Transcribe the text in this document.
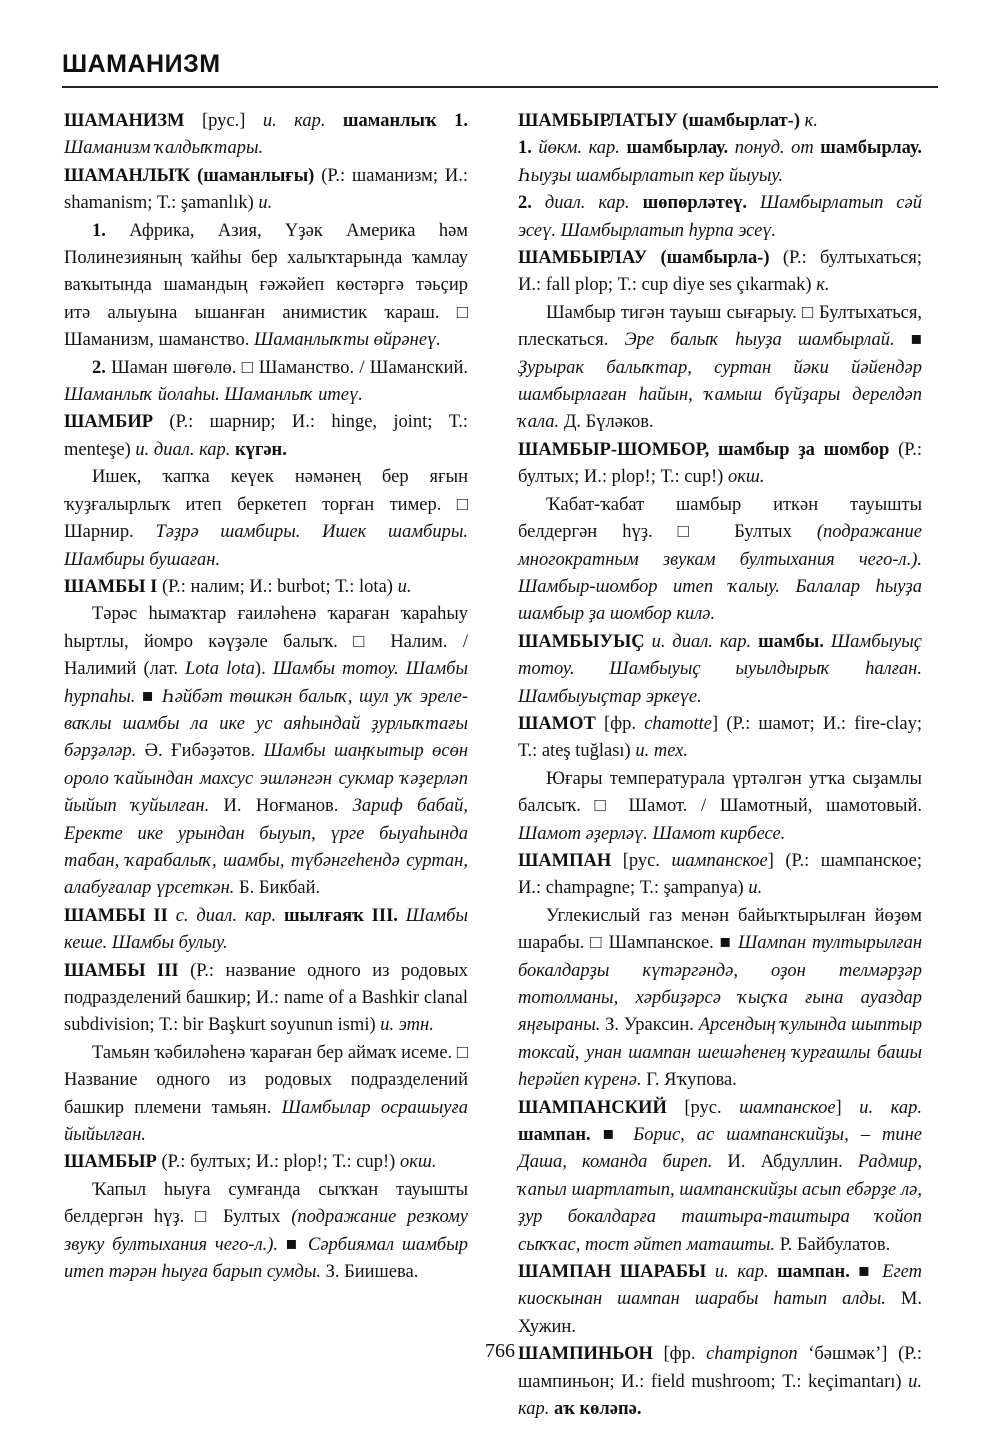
ШАМАНИЗМ

ШАМАНИЗМ [рус.] и. кар. шаманлыҡ 1. Шаманизм ҡалдыҡтары.

ШАМАНЛЫҠ (шаманлығы) (Р.: шаманизм; И.: shamanism; Т.: şamanlık) и.

1. Африка, Азия, Үҙәк Америка һәм Полинезияның ҡайһы бер халыҡтарында ҡамлау ваҡытында шамандың ғәжәйеп көстәргә тәьҫир итә алыуына ышанған анимистик ҡараш. □ Шаманизм, шаманство. Шаманлыҡты өйрәнеү.

2. Шаман шөғөлө. □ Шаманство. / Шаманский. Шаманлыҡ йолаһы. Шаманлыҡ итеү.

ШАМБИР (Р.: шарнир; И.: hinge, joint; Т.: menteşe) и. диал. кар. күгән.

Ишек, ҡапҡа кеүек нәмәнең бер яғын ҡуҙғалырлыҡ итеп беркетеп торған тимер. □ Шарнир. Тәҙрә шамбиры. Ишек шамбиры. Шамбиры бушаған.

ШАМБЫ I (Р.: налим; И.: burbot; Т.: lota) и.

Тәрәс һымаҡтар ғаиләһенә ҡараған ҡараһыу һыртлы, йомро кәүҙәле балыҡ. □ Налим. / Налимий (лат. Lota lota). Шамбы тотоу. Шамбы һурпаһы. ■ Һәйбәт төшкән балыҡ, шул уҡ эреле-ваҡлы шамбы ла ике ус аяһындай ҙурлыҡтағы бәрҙәләр. Ә. Ғибәҙәтов. Шамбы шаңҡытыр өсөн ороло ҡайындан махсус эшләнгән сукмар ҡәҙерләп йыйып ҡуйылған. И. Ноғманов. Зариф бабай, Еректе ике урындан быуып, үрге быуаһында табан, ҡарабалыҡ, шамбы, түбәнгеһендә суртан, алабуғалар үрсеткән. Б. Бикбай.

ШАМБЫ II с. диал. кар. шылғаяҡ III. Шамбы кеше. Шамбы булыу.

ШАМБЫ III (Р.: название одного из родовых подразделений башкир; И.: name of a Bashkir clanal subdivision; Т.: bir Başkurt soyunun ismi) и. этн.

Тамьян ҡәбиләһенә ҡараған бер аймаҡ исеме. □ Название одного из родовых подразделений башкир племени тамьян. Шамбылар осрашыуға йыйылған.

ШАМБЫР (Р.: бултых; И.: plop!; Т.: cup!) окш.

Ҡапыл һыуға сумғанда сыҡҡан тауышты белдергән һүҙ. □ Бултых (подражание резкому звуку бултыхания чего-л.). ■ Сәрбиямал шамбыр итеп тәрән һыуға барып сумды. З. Биишева.

ШАМБЫРЛАТЫУ (шамбырлат-) к.

1. йөкм. кар. шамбырлау. понуд. от шамбырлау. Һыуҙы шамбырлатып кер йыуыу.

2. диал. кар. шөпөрләтеү. Шамбырлатып сәй эсеү. Шамбырлатып һурпа эсеү.

ШАМБЫРЛАУ (шамбырла-) (Р.: бултыхаться; И.: fall plop; Т.: cup diye ses çıkarmak) к.

Шамбыр тигән тауыш сығарыу. □ Бултыхаться, плескаться. Эре балыҡ һыуҙа шамбырлай. ■ Ҙурырак балыҡтар, суртан йәки йәйендәр шамбырлаған һайын, ҡамыш бүйҙары дерелдәп ҡала. Д. Бүләков.

ШАМБЫР-ШОМБОР, шамбыр ҙа шомбор (Р.: бултых; И.: plop!; Т.: cup!) окш.

Ҡабат-ҡабат шамбыр иткән тауышты белдергән һүҙ. □ Бултых (подражание многократным звукам бултыхания чего-л.). Шамбыр-шомбор итеп ҡалыу. Балалар һыуҙа шамбыр ҙа шомбор килә.

ШАМБЫУЫҪ и. диал. кар. шамбы. Шамбыуыҫ тотоу. Шамбыуыҫ ыуылдырыҡ һалған. Шамбыуыҫтар эркеүе.

ШАМОТ [фр. chamotte] (Р.: шамот; И.: fire-clay; Т.: ateş tuğlası) и. тех.

Юғары температурала үртәлгән утҡа сыҙамлы балсыҡ. □ Шамот. / Шамотный, шамотовый. Шамот әҙерләү. Шамот кирбесе.

ШАМПАН [рус. шампанское] (Р.: шампанское; И.: champagne; Т.: şampanya) и.

Углекислый газ менән байыҡтырылған йөҙөм шарабы. □ Шампанское. ■ Шампан тултырылған бокалдарҙы күтәргәндә, оҙон телмәрҙәр тотолманы, хәрбиҙәрсә ҡыҫҡа ғына ауаздар яңғыраны. З. Ураксин. Арсендың ҡулында шыптыр токсай, унан шампан шешәһенең ҡурғашлы башы һерәйеп күренә. Г. Яҡупова.

ШАМПАНСКИЙ [рус. шампанское] и. кар. шампан. ■ Борис, ас шампанскийҙы, – тине Даша, команда биреп. И. Абдуллин. Радмир, ҡапыл шартлатып, шампанскийҙы асып ебәрҙе лә, ҙур бокалдарға таштыра-таштыра ҡойоп сыҡҡас, тост әйтеп маташты. Р. Байбулатов.

ШАМПАН ШАРАБЫ и. кар. шампан. ■ Егет киоскынан шампан шарабы һатып алды. М. Хужин.

ШАМПИНЬОН [фр. champignon ‘бәшмәк’] (Р.: шампиньон; И.: field mushroom; Т.: keçimantarı) и. кар. аҡ көләпә.

766
